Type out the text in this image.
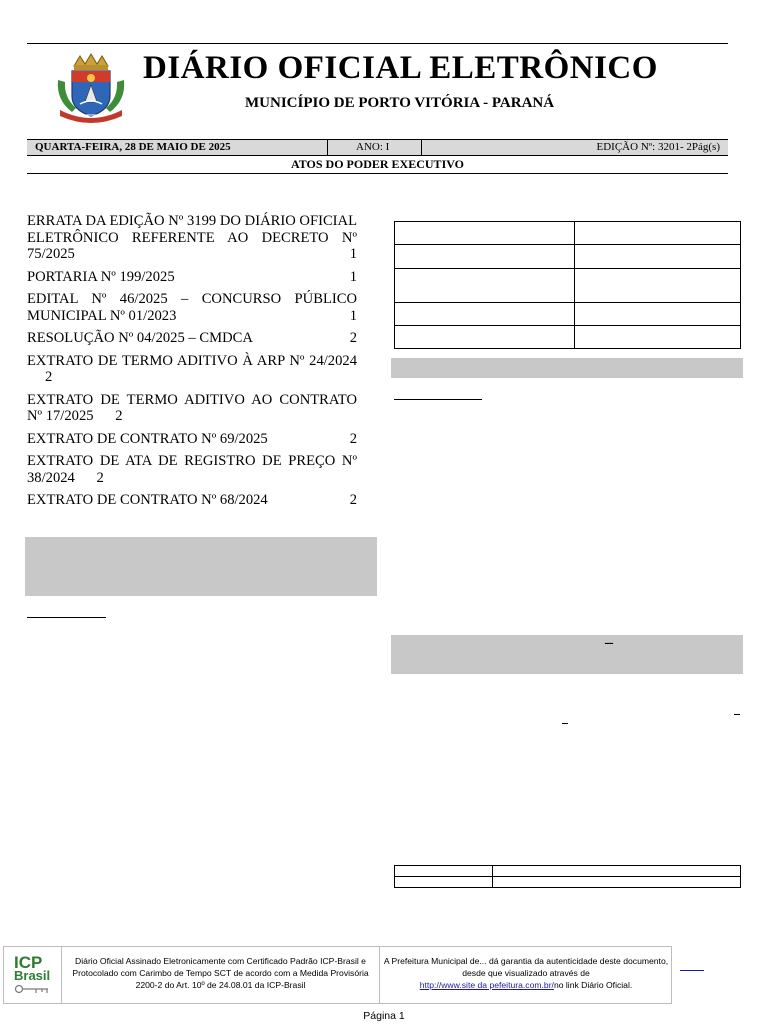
DIÁRIO OFICIAL ELETRÔNICO
MUNICÍPIO DE PORTO VITÓRIA - PARANÁ
QUARTA-FEIRA, 28 DE MAIO DE 2025	ANO: I	EDIÇÃO Nº: 3201- 2Pág(s)
ATOS DO PODER EXECUTIVO
ERRATA DA EDIÇÃO Nº 3199 DO DIÁRIO OFICIAL ELETRÔNICO REFERENTE AO DECRETO Nº 75/2025	1
PORTARIA Nº 199/2025	1
EDITAL Nº 46/2025 – CONCURSO PÚBLICO MUNICIPAL Nº 01/2023	1
RESOLUÇÃO Nº 04/2025 – CMDCA	2
EXTRATO DE TERMO ADITIVO À ARP Nº 24/2024 2
EXTRATO DE TERMO ADITIVO AO CONTRATO Nº 17/2025 2
EXTRATO DE CONTRATO Nº 69/2025	2
EXTRATO DE ATA DE REGISTRO DE PREÇO Nº 38/2024 2
EXTRATO DE CONTRATO Nº 68/2024	2

–

ICP
Brasil
Diário Oficial Assinado Eletronicamente com Certificado Padrão ICP-Brasil e Protocolado com Carimbo de Tempo SCT de acordo com a Medida Provisória 2200-2 do Art. 10º de 24.08.01 da ICP-Brasil
A Prefeitura Municipal de... dá garantia da autenticidade deste documento, desde que visualizado através de
http://www.site da pefeitura.com.br/no link Diário Oficial.
Página 1
